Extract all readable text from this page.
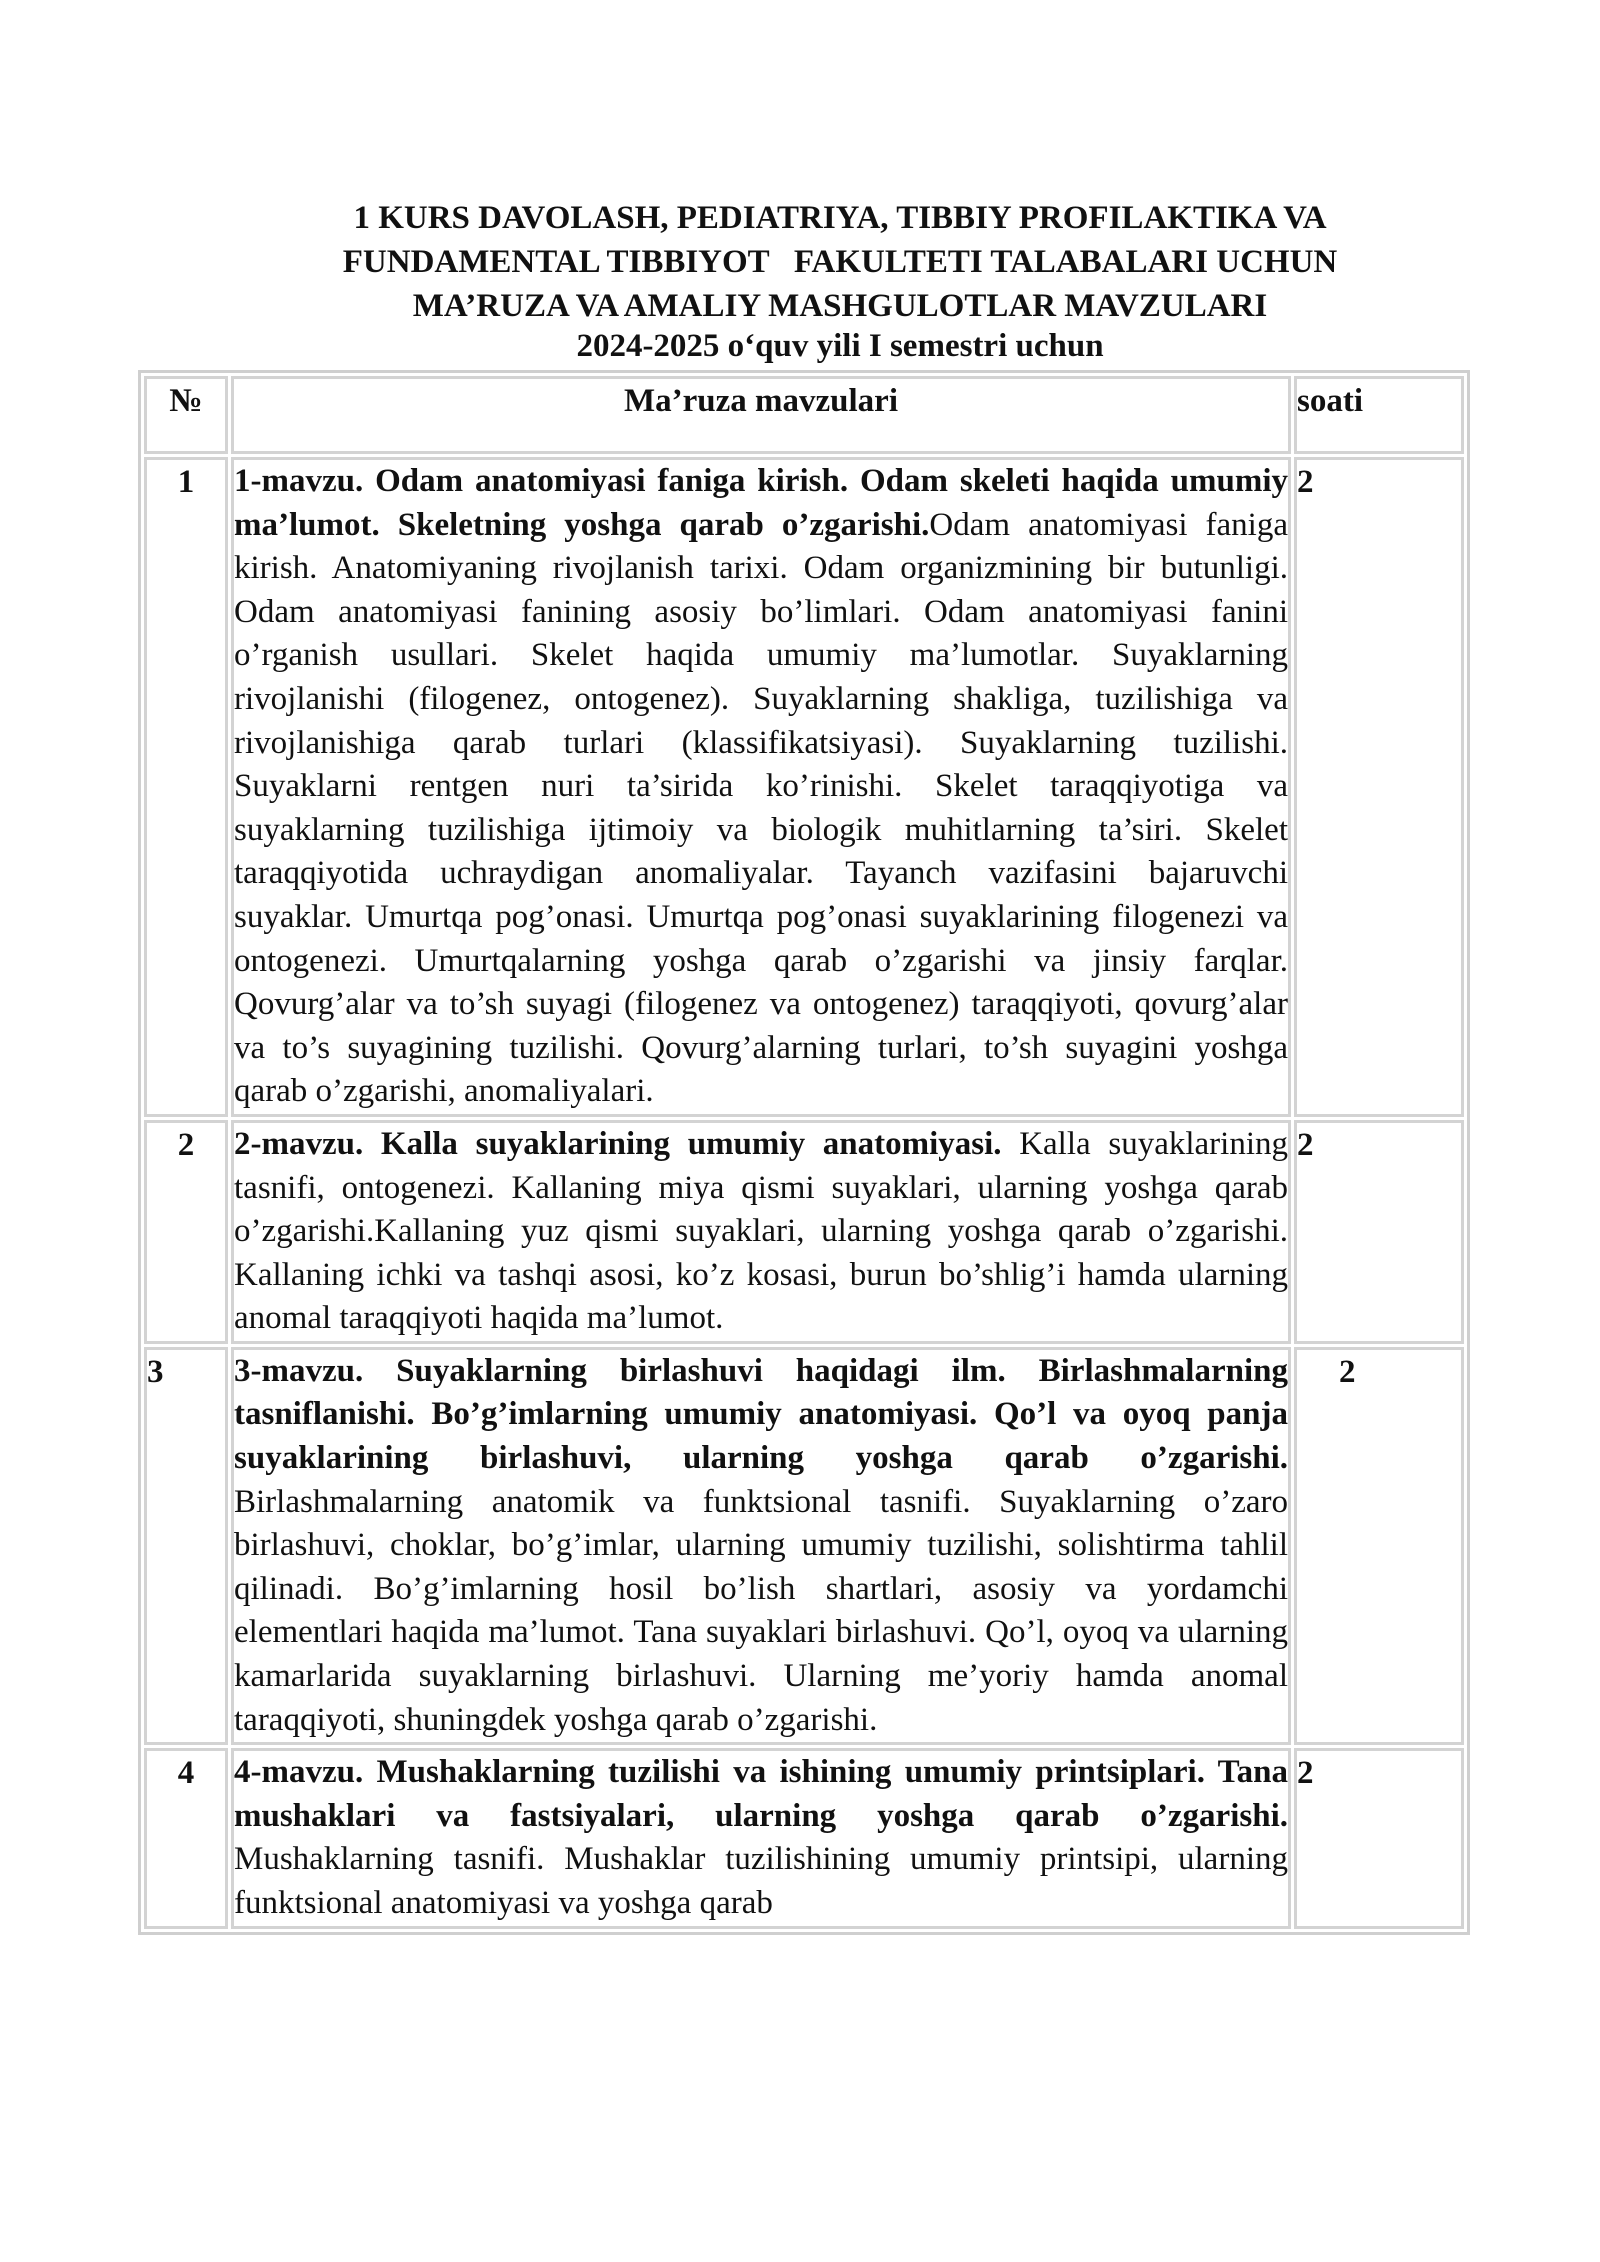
1 KURS DAVOLASH, PEDIATRIYA, TIBBIY PROFILAKTIKA VA
FUNDAMENTAL TIBBIYOT   FAKULTETI TALABALARI UCHUN
MA’RUZA VA AMALIY MASHGULOTLAR MAVZULARI
2024-2025 o‘quv yili I semestri uchun
№	Ma’ruza mavzulari	soati
1	1-mavzu. Odam anatomiyasi faniga kirish. Odam skeleti haqida umumiy ma’lumot. Skeletning yoshga qarab o’zgarishi.Odam anatomiyasi faniga kirish. Anatomiyaning rivojlanish tarixi. Odam organizmining bir butunligi. Odam anatomiyasi fanining asosiy bo’limlari. Odam anatomiyasi fanini o’rganish usullari. Skelet haqida umumiy ma’lumotlar. Suyaklarning rivojlanishi (filogenez, ontogenez). Suyaklarning shakliga, tuzilishiga va rivojlanishiga qarab turlari (klassifikatsiyasi). Suyaklarning tuzilishi. Suyaklarni rentgen nuri ta’sirida ko’rinishi. Skelet taraqqiyotiga va suyaklarning tuzilishiga ijtimoiy va biologik muhitlarning ta’siri. Skelet taraqqiyotida uchraydigan anomaliyalar. Tayanch vazifasini bajaruvchi suyaklar. Umurtqa pog’onasi. Umurtqa pog’onasi suyaklarining filogenezi va ontogenezi. Umurtqalarning yoshga qarab o’zgarishi va jinsiy farqlar. Qovurg’alar va to’sh suyagi (filogenez va ontogenez) taraqqiyoti, qovurg’alar va to’s suyagining tuzilishi. Qovurg’alarning turlari, to’sh suyagini yoshga qarab o’zgarishi, anomaliyalari.	2
2	2-mavzu. Kalla suyaklarining umumiy anatomiyasi. Kalla suyaklarining tasnifi, ontogenezi. Kallaning miya qismi suyaklari, ularning yoshga qarab o’zgarishi.Kallaning yuz qismi suyaklari, ularning yoshga qarab o’zgarishi. Kallaning ichki va tashqi asosi, ko’z kosasi, burun bo’shlig’i hamda ularning anomal taraqqiyoti haqida ma’lumot.	2
3	3-mavzu. Suyaklarning birlashuvi haqidagi ilm. Birlashmalarning tasniflanishi. Bo’g’imlarning umumiy anatomiyasi. Qo’l va oyoq panja suyaklarining birlashuvi, ularning yoshga qarab o’zgarishi. Birlashmalarning anatomik va funktsional tasnifi. Suyaklarning o’zaro birlashuvi, choklar, bo’g’imlar, ularning umumiy tuzilishi, solishtirma tahlil qilinadi. Bo’g’imlarning hosil bo’lish shartlari, asosiy va yordamchi elementlari haqida ma’lumot. Tana suyaklari birlashuvi. Qo’l, oyoq va ularning kamarlarida suyaklarning birlashuvi. Ularning me’yoriy hamda anomal taraqqiyoti, shuningdek yoshga qarab o’zgarishi.	2
4	4-mavzu. Mushaklarning tuzilishi va ishining umumiy printsiplari. Tana mushaklari va fastsiyalari, ularning yoshga qarab o’zgarishi. Mushaklarning tasnifi. Mushaklar tuzilishining umumiy printsipi, ularning funktsional anatomiyasi va yoshga qarab	2
